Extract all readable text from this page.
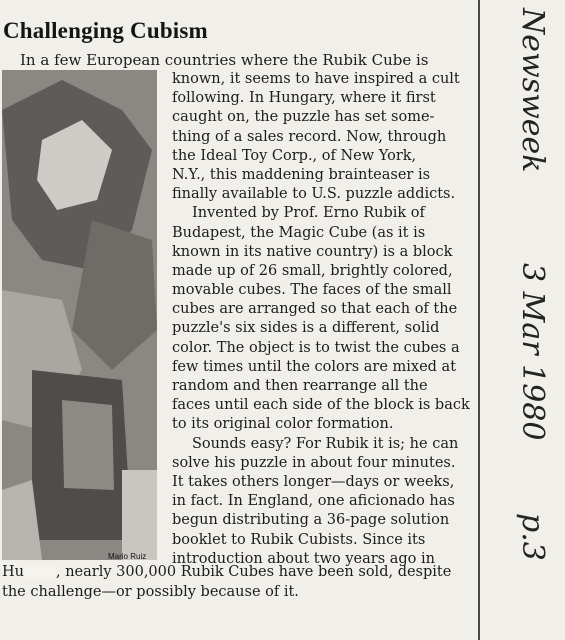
Challenging Cubism
In a few European countries where the Rubik Cube is
Mario Ruiz
known, it seems to have inspired a cult
following. In Hungary, where it first
caught on, the puzzle has set some-
thing of a sales record. Now, through
the Ideal Toy Corp., of New York,
N.Y., this maddening brainteaser is
finally available to U.S. puzzle addicts.
Invented by Prof. Erno Rubik of
Budapest, the Magic Cube (as it is
known in its native country) is a block
made up of 26 small, brightly colored,
movable cubes. The faces of the small
cubes are arranged so that each of the
puzzle's six sides is a different, solid
color. The object is to twist the cubes a
few times until the colors are mixed at
random and then rearrange all the
faces until each side of the block is back
to its original color formation.
Sounds easy? For Rubik it is; he can
solve his puzzle in about four minutes.
It takes others longer—days or weeks,
in fact. In England, one aficionado has
begun distributing a 36-page solution
booklet to Rubik Cubists. Since its
introduction about two years ago in
Hu , nearly 300,000 Rubik Cubes have been sold, despite
the challenge—or possibly because of it.
Newsweek
3 Mar 1980
p.3
